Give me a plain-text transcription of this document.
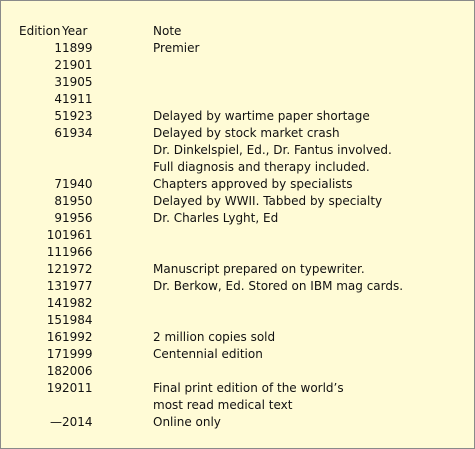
Edition	Year	Note
1	1899	Premier
2	1901	
3	1905	
4	1911	
5	1923	Delayed by wartime paper shortage
6	1934	Delayed by stock market crash
		Dr. Dinkelspiel, Ed., Dr. Fantus involved.
		Full diagnosis and therapy included.
7	1940	Chapters approved by specialists
8	1950	Delayed by WWII. Tabbed by specialty
9	1956	Dr. Charles Lyght, Ed
10	1961	
11	1966	
12	1972	Manuscript prepared on typewriter.
13	1977	Dr. Berkow, Ed. Stored on IBM mag cards.
14	1982	
15	1984	
16	1992	2 million copies sold
17	1999	Centennial edition
18	2006	
19	2011	Final print edition of the world’s
		most read medical text
—	2014	Online only
